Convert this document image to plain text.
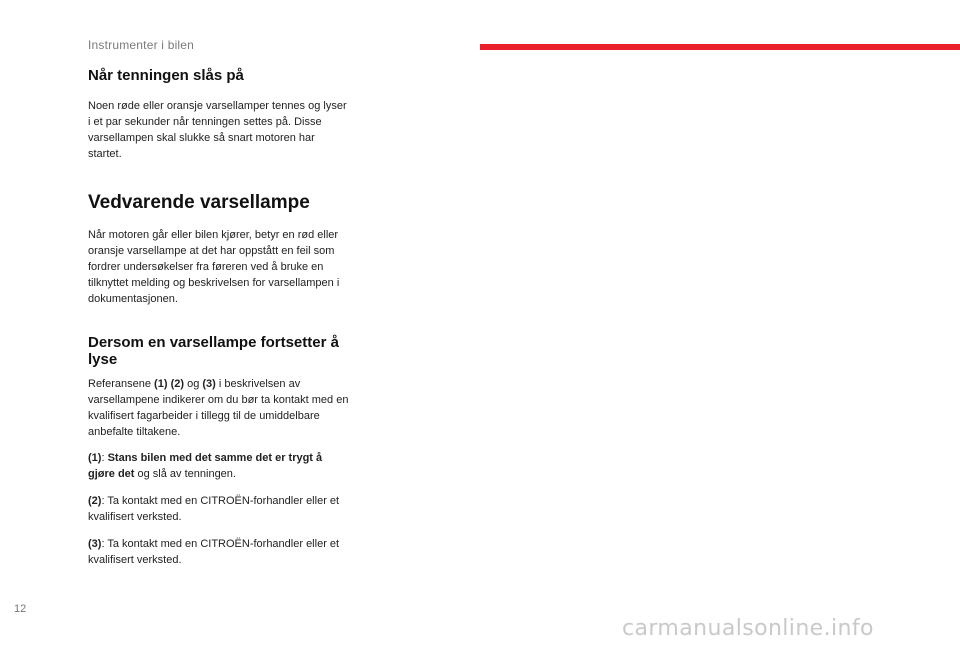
Instrumenter i bilen
Når tenningen slås på

Noen røde eller oransje varsellamper tennes og lyser i et par sekunder når tenningen settes på. Disse varsellampen skal slukke så snart motoren har startet.

Vedvarende varsellampe

Når motoren går eller bilen kjører, betyr en rød eller oransje varsellampe at det har oppstått en feil som fordrer undersøkelser fra føreren ved å bruke en tilknyttet melding og beskrivelsen for varsellampen i dokumentasjonen.

Dersom en varsellampe fortsetter å lyse

Referansene (1) (2) og (3) i beskrivelsen av varsellampene indikerer om du bør ta kontakt med en kvalifisert fagarbeider i tillegg til de umiddelbare anbefalte tiltakene.

(1): Stans bilen med det samme det er trygt å gjøre det og slå av tenningen.

(2): Ta kontakt med en CITROËN-forhandler eller et kvalifisert verksted.

(3): Ta kontakt med en CITROËN-forhandler eller et kvalifisert verksted.

12
carmanualsonline.info
